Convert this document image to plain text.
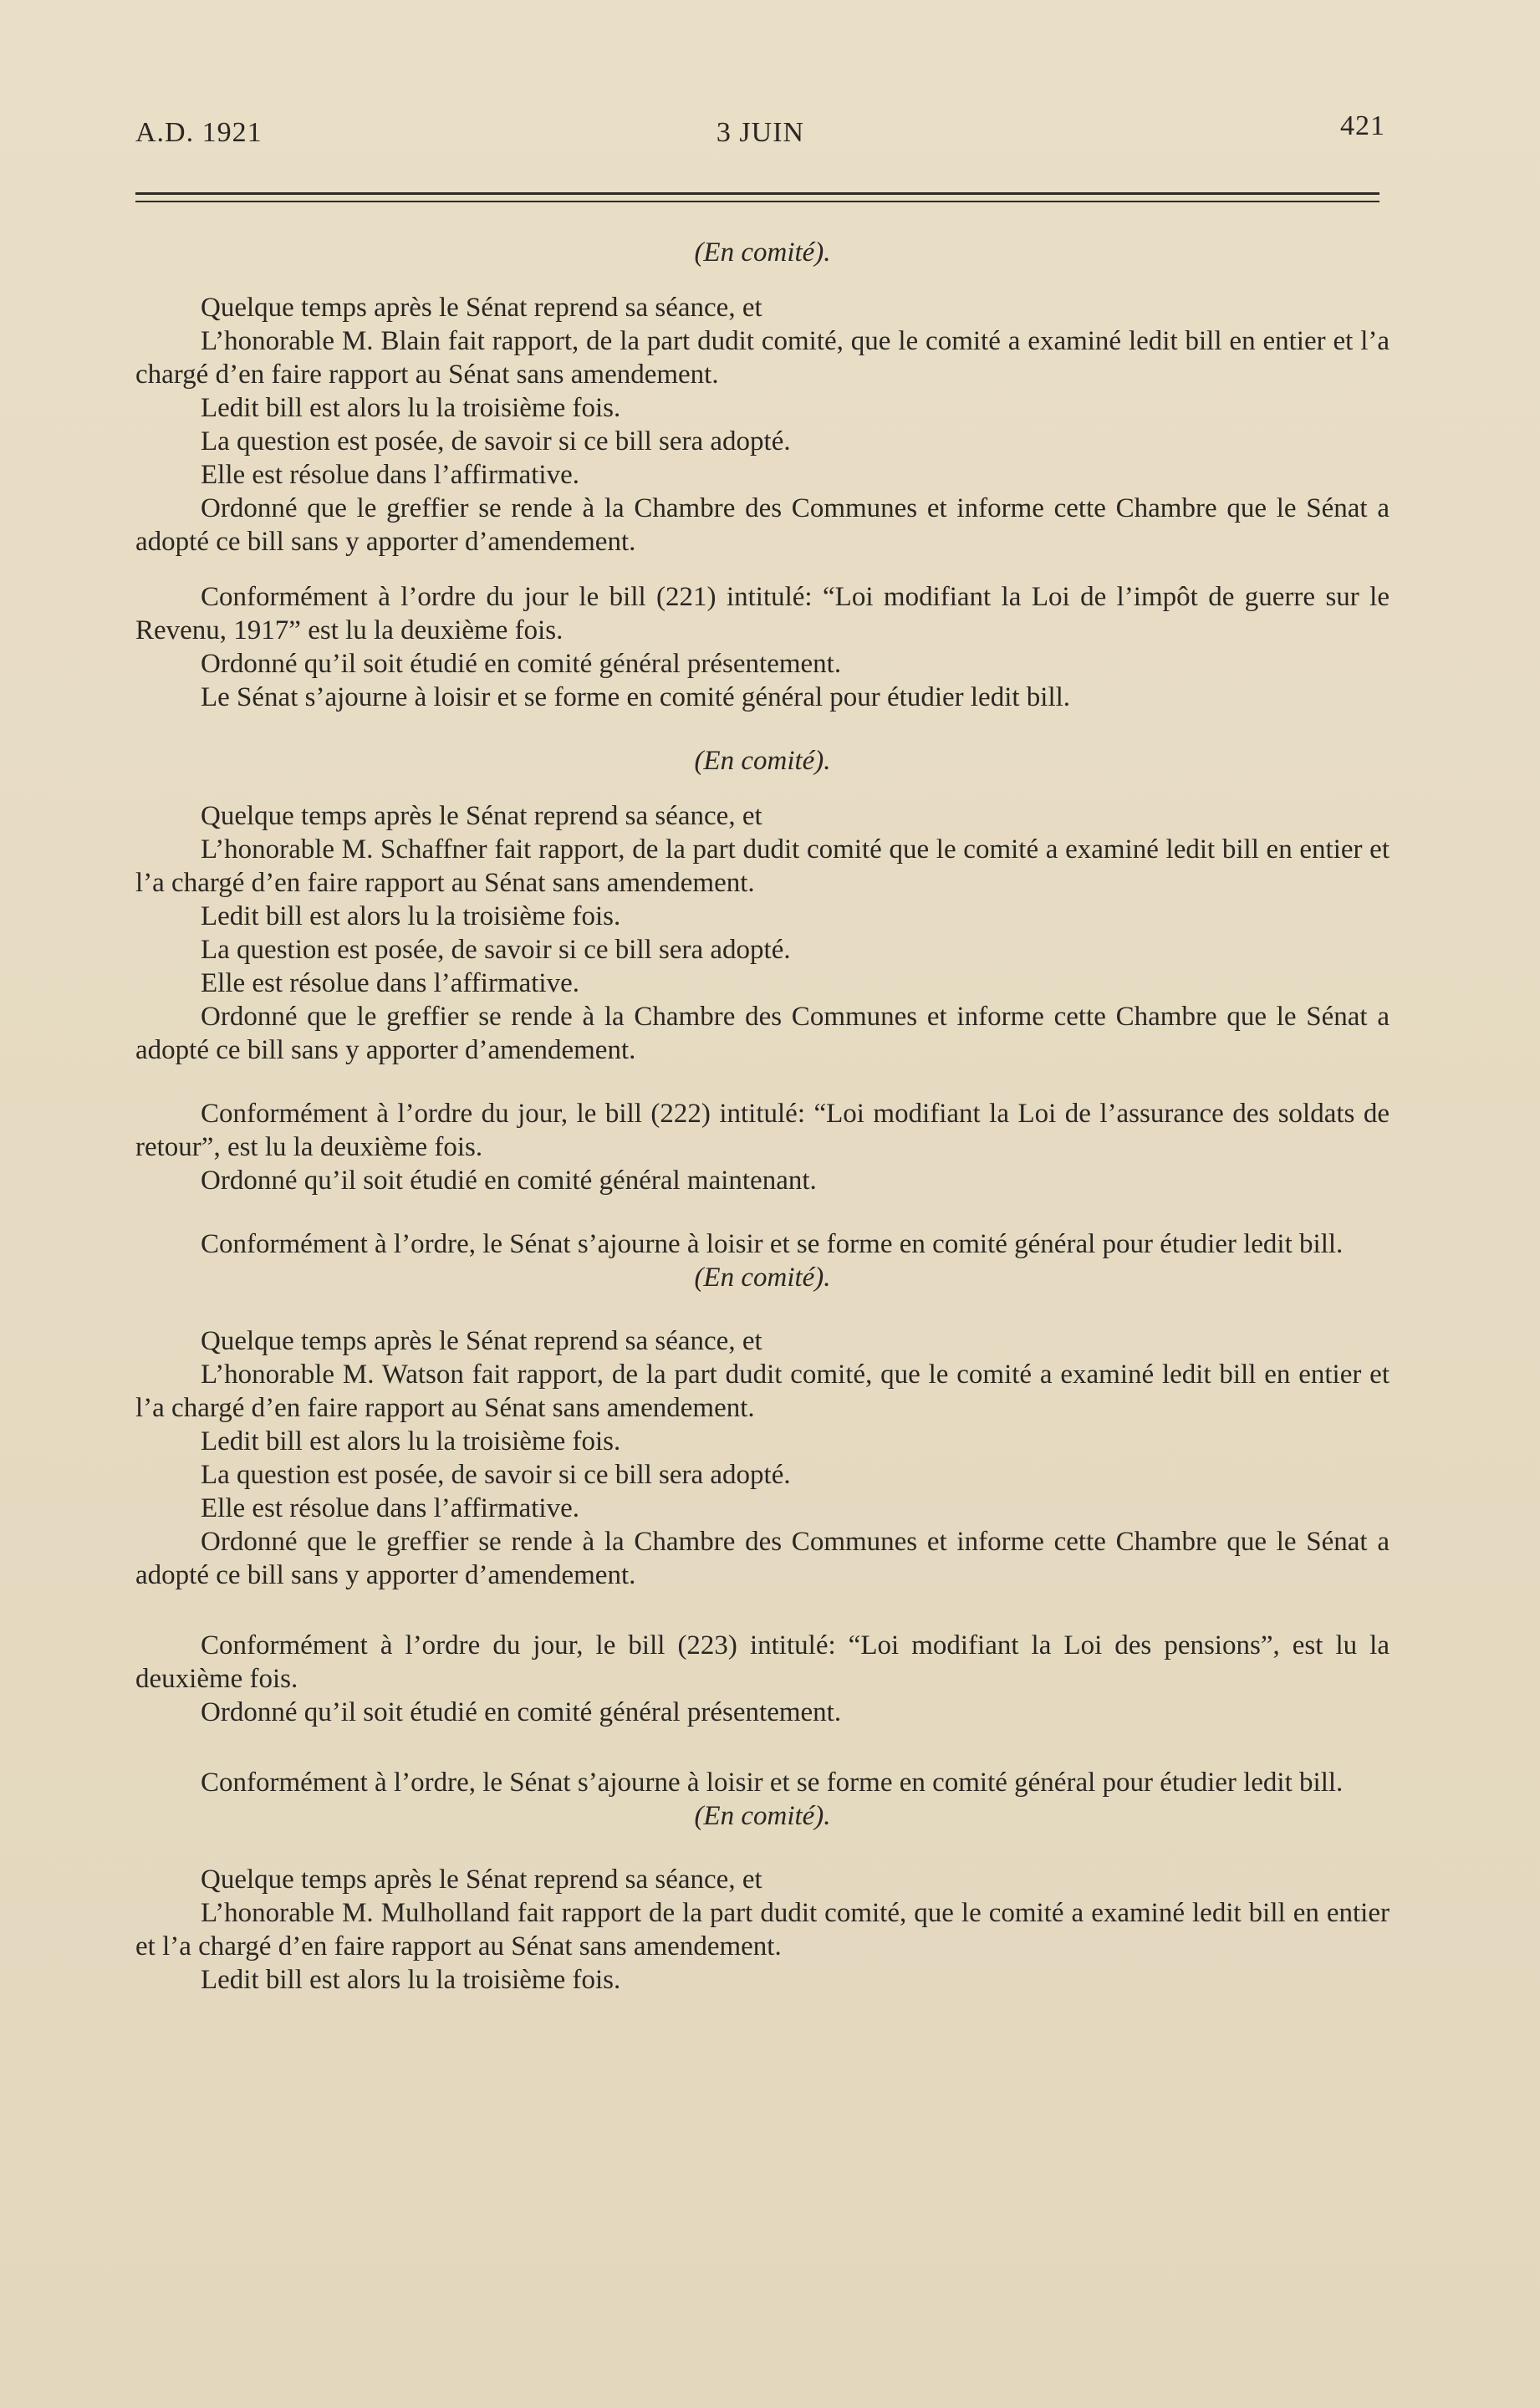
A.D. 1921	3 JUIN	421

(En comité).

Quelque temps après le Sénat reprend sa séance, et

L’honorable M. Blain fait rapport, de la part dudit comité, que le comité a examiné ledit bill en entier et l’a chargé d’en faire rapport au Sénat sans amendement.

Ledit bill est alors lu la troisième fois.

La question est posée, de savoir si ce bill sera adopté.

Elle est résolue dans l’affirmative.

Ordonné que le greffier se rende à la Chambre des Communes et informe cette Chambre que le Sénat a adopté ce bill sans y apporter d’amendement.

Conformément à l’ordre du jour le bill (221) intitulé: “Loi modifiant la Loi de l’impôt de guerre sur le Revenu, 1917” est lu la deuxième fois.

Ordonné qu’il soit étudié en comité général présentement.

Le Sénat s’ajourne à loisir et se forme en comité général pour étudier ledit bill.

(En comité).

Quelque temps après le Sénat reprend sa séance, et

L’honorable M. Schaffner fait rapport, de la part dudit comité que le comité a examiné ledit bill en entier et l’a chargé d’en faire rapport au Sénat sans amendement.

Ledit bill est alors lu la troisième fois.

La question est posée, de savoir si ce bill sera adopté.

Elle est résolue dans l’affirmative.

Ordonné que le greffier se rende à la Chambre des Communes et informe cette Chambre que le Sénat a adopté ce bill sans y apporter d’amendement.

Conformément à l’ordre du jour, le bill (222) intitulé: “Loi modifiant la Loi de l’assurance des soldats de retour”, est lu la deuxième fois.

Ordonné qu’il soit étudié en comité général maintenant.

Conformément à l’ordre, le Sénat s’ajourne à loisir et se forme en comité général pour étudier ledit bill.

(En comité).

Quelque temps après le Sénat reprend sa séance, et

L’honorable M. Watson fait rapport, de la part dudit comité, que le comité a examiné ledit bill en entier et l’a chargé d’en faire rapport au Sénat sans amendement.

Ledit bill est alors lu la troisième fois.

La question est posée, de savoir si ce bill sera adopté.

Elle est résolue dans l’affirmative.

Ordonné que le greffier se rende à la Chambre des Communes et informe cette Chambre que le Sénat a adopté ce bill sans y apporter d’amendement.

Conformément à l’ordre du jour, le bill (223) intitulé: “Loi modifiant la Loi des pensions”, est lu la deuxième fois.

Ordonné qu’il soit étudié en comité général présentement.

Conformément à l’ordre, le Sénat s’ajourne à loisir et se forme en comité général pour étudier ledit bill.

(En comité).

Quelque temps après le Sénat reprend sa séance, et

L’honorable M. Mulholland fait rapport de la part dudit comité, que le comité a examiné ledit bill en entier et l’a chargé d’en faire rapport au Sénat sans amendement.

Ledit bill est alors lu la troisième fois.
